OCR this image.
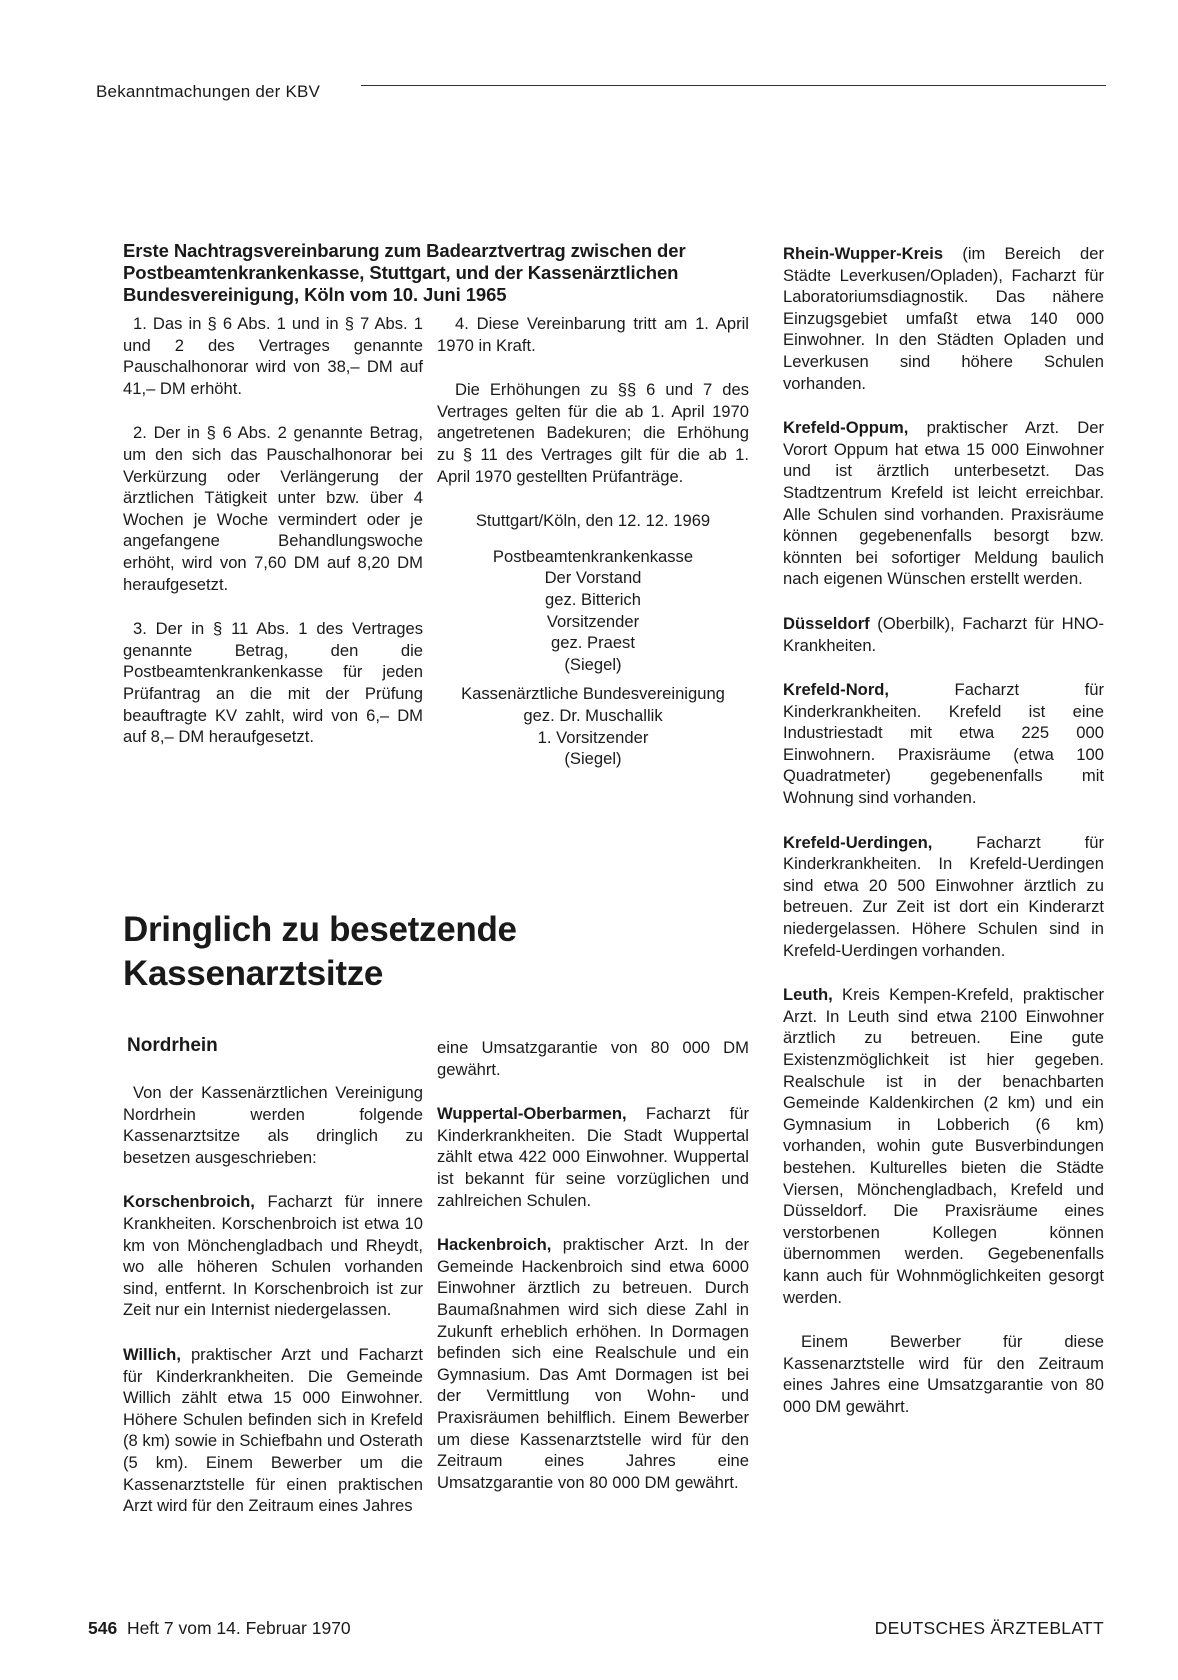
Bekanntmachungen der KBV
Erste Nachtragsvereinbarung zum Badearztvertrag zwischen der Postbeamtenkrankenkasse, Stuttgart, und der Kassenärztlichen Bundesvereinigung, Köln vom 10. Juni 1965

1. Das in § 6 Abs. 1 und in § 7 Abs. 1 und 2 des Vertrages genannte Pauschalhonorar wird von 38,– DM auf 41,– DM erhöht.

2. Der in § 6 Abs. 2 genannte Betrag, um den sich das Pauschalhonorar bei Verkürzung oder Verlängerung der ärztlichen Tätigkeit unter bzw. über 4 Wochen je Woche vermindert oder je angefangene Behandlungswoche erhöht, wird von 7,60 DM auf 8,20 DM heraufgesetzt.

3. Der in § 11 Abs. 1 des Vertrages genannte Betrag, den die Postbeamtenkrankenkasse für jeden Prüfantrag an die mit der Prüfung beauftragte KV zahlt, wird von 6,– DM auf 8,– DM heraufgesetzt.

4. Diese Vereinbarung tritt am 1. April 1970 in Kraft.

Die Erhöhungen zu §§ 6 und 7 des Vertrages gelten für die ab 1. April 1970 angetretenen Badekuren; die Erhöhung zu § 11 des Vertrages gilt für die ab 1. April 1970 gestellten Prüfanträge.

Stuttgart/Köln, den 12. 12. 1969

Postbeamtenkrankenkasse

Der Vorstand

gez. Bitterich

Vorsitzender

gez. Praest

(Siegel)

Kassenärztliche Bundesvereinigung

gez. Dr. Muschallik

1. Vorsitzender

(Siegel)

Dringlich zu besetzende
Kassenarztsitze
Nordrhein

Von der Kassenärztlichen Vereinigung Nordrhein werden folgende Kassenarztsitze als dringlich zu besetzen ausgeschrieben:

Korschenbroich, Facharzt für innere Krankheiten. Korschenbroich ist etwa 10 km von Mönchengladbach und Rheydt, wo alle höheren Schulen vorhanden sind, entfernt. In Korschenbroich ist zur Zeit nur ein Internist niedergelassen.

Willich, praktischer Arzt und Facharzt für Kinderkrankheiten. Die Gemeinde Willich zählt etwa 15 000 Einwohner. Höhere Schulen befinden sich in Krefeld (8 km) sowie in Schiefbahn und Osterath (5 km). Einem Bewerber um die Kassenarztstelle für einen praktischen Arzt wird für den Zeitraum eines Jahres

eine Umsatzgarantie von 80 000 DM gewährt.

Wuppertal-Oberbarmen, Facharzt für Kinderkrankheiten. Die Stadt Wuppertal zählt etwa 422 000 Einwohner. Wuppertal ist bekannt für seine vorzüglichen und zahlreichen Schulen.

Hackenbroich, praktischer Arzt. In der Gemeinde Hackenbroich sind etwa 6000 Einwohner ärztlich zu betreuen. Durch Baumaßnahmen wird sich diese Zahl in Zukunft erheblich erhöhen. In Dormagen befinden sich eine Realschule und ein Gymnasium. Das Amt Dormagen ist bei der Vermittlung von Wohn- und Praxisräumen behilflich. Einem Bewerber um diese Kassenarztstelle wird für den Zeitraum eines Jahres eine Umsatzgarantie von 80 000 DM gewährt.

Rhein-Wupper-Kreis (im Bereich der Städte Leverkusen/Opladen), Facharzt für Laboratoriumsdiagnostik. Das nähere Einzugsgebiet umfaßt etwa 140 000 Einwohner. In den Städten Opladen und Leverkusen sind höhere Schulen vorhanden.

Krefeld-Oppum, praktischer Arzt. Der Vorort Oppum hat etwa 15 000 Einwohner und ist ärztlich unterbesetzt. Das Stadtzentrum Krefeld ist leicht erreichbar. Alle Schulen sind vorhanden. Praxisräume können gegebenenfalls besorgt bzw. könnten bei sofortiger Meldung baulich nach eigenen Wünschen erstellt werden.

Düsseldorf (Oberbilk), Facharzt für HNO-Krankheiten.

Krefeld-Nord, Facharzt für Kinderkrankheiten. Krefeld ist eine Industriestadt mit etwa 225 000 Einwohnern. Praxisräume (etwa 100 Quadratmeter) gegebenenfalls mit Wohnung sind vorhanden.

Krefeld-Uerdingen, Facharzt für Kinderkrankheiten. In Krefeld-Uerdingen sind etwa 20 500 Einwohner ärztlich zu betreuen. Zur Zeit ist dort ein Kinderarzt niedergelassen. Höhere Schulen sind in Krefeld-Uerdingen vorhanden.

Leuth, Kreis Kempen-Krefeld, praktischer Arzt. In Leuth sind etwa 2100 Einwohner ärztlich zu betreuen. Eine gute Existenzmöglichkeit ist hier gegeben. Realschule ist in der benachbarten Gemeinde Kaldenkirchen (2 km) und ein Gymnasium in Lobberich (6 km) vorhanden, wohin gute Busverbindungen bestehen. Kulturelles bieten die Städte Viersen, Mönchengladbach, Krefeld und Düsseldorf. Die Praxisräume eines verstorbenen Kollegen können übernommen werden. Gegebenenfalls kann auch für Wohnmöglichkeiten gesorgt werden.

Einem Bewerber für diese Kassenarztstelle wird für den Zeitraum eines Jahres eine Umsatzgarantie von 80 000 DM gewährt.

546 Heft 7 vom 14. Februar 1970	DEUTSCHES ÄRZTEBLATT
